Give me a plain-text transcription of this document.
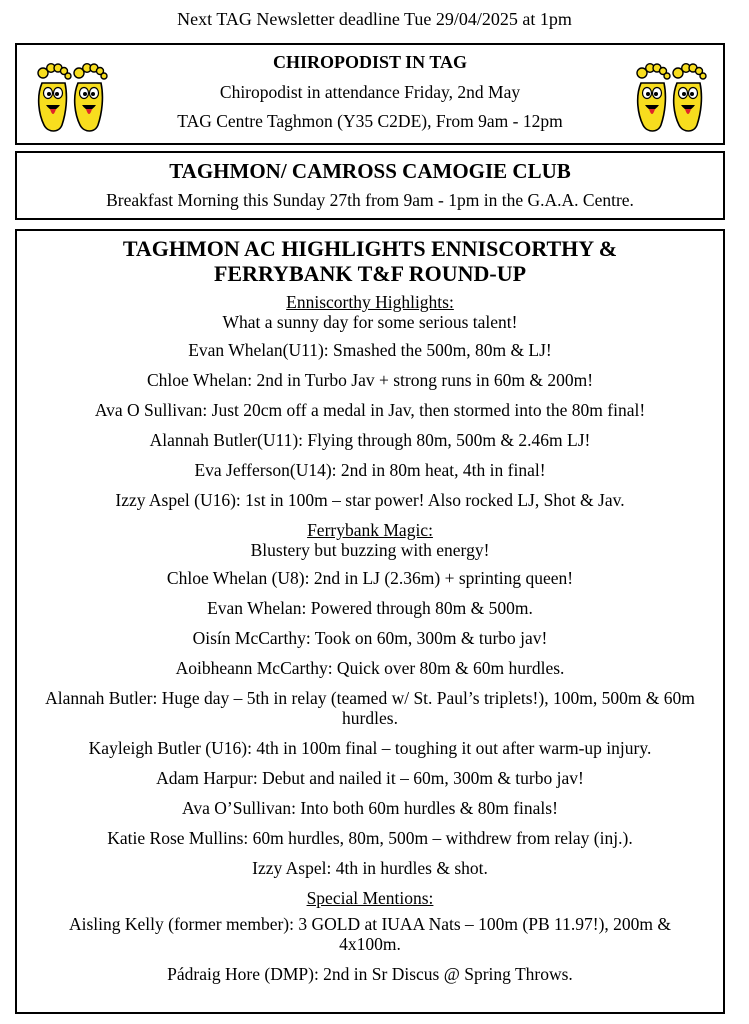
Next TAG Newsletter deadline Tue 29/04/2025 at 1pm
CHIROPODIST IN TAG
Chiropodist in attendance Friday, 2nd May
TAG Centre Taghmon (Y35 C2DE), From 9am - 12pm
TAGHMON/ CAMROSS CAMOGIE CLUB
Breakfast Morning this Sunday 27th from 9am - 1pm in the G.A.A. Centre.
TAGHMON AC HIGHLIGHTS ENNISCORTHY &
FERRYBANK T&F ROUND-UP
Enniscorthy Highlights:
What a sunny day for some serious talent!
Evan Whelan(U11): Smashed the 500m, 80m & LJ!
Chloe Whelan: 2nd in Turbo Jav + strong runs in 60m & 200m!
Ava O Sullivan: Just 20cm off a medal in Jav, then stormed into the 80m final!
Alannah Butler(U11): Flying through 80m, 500m & 2.46m LJ!
Eva Jefferson(U14): 2nd in 80m heat, 4th in final!
Izzy Aspel (U16): 1st in 100m – star power! Also rocked LJ, Shot & Jav.
Ferrybank Magic:
Blustery but buzzing with energy!
Chloe Whelan (U8): 2nd in LJ (2.36m) + sprinting queen!
Evan Whelan: Powered through 80m & 500m.
Oisín McCarthy: Took on 60m, 300m & turbo jav!
Aoibheann McCarthy: Quick over 80m & 60m hurdles.
Alannah Butler: Huge day – 5th in relay (teamed w/ St. Paul’s triplets!), 100m, 500m & 60m hurdles.
Kayleigh Butler (U16): 4th in 100m final – toughing it out after warm-up injury.
Adam Harpur: Debut and nailed it – 60m, 300m & turbo jav!
Ava O’Sullivan: Into both 60m hurdles & 80m finals!
Katie Rose Mullins: 60m hurdles, 80m, 500m – withdrew from relay (inj.).
Izzy Aspel: 4th in hurdles & shot.
Special Mentions:
Aisling Kelly (former member): 3 GOLD at IUAA Nats – 100m (PB 11.97!), 200m & 4x100m.
Pádraig Hore (DMP): 2nd in Sr Discus @ Spring Throws.
